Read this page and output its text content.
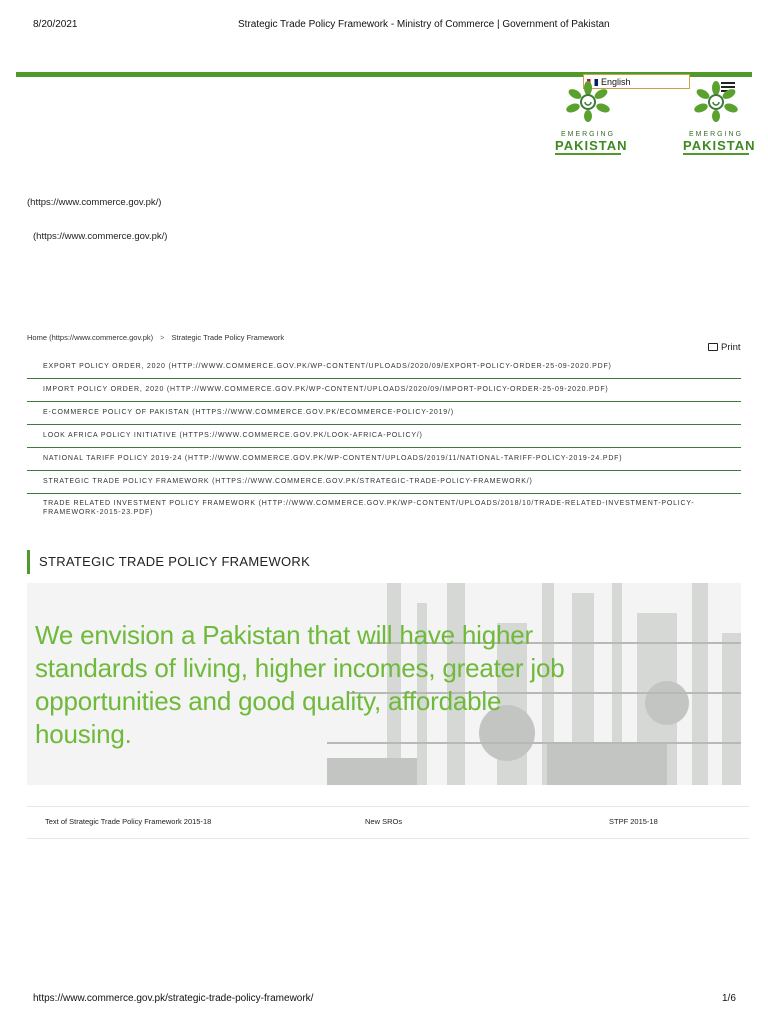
8/20/2021	Strategic Trade Policy Framework - Ministry of Commerce | Government of Pakistan
English
EMERGING
PAKISTAN
EMERGING
PAKISTAN
(https://www.commerce.gov.pk/)
(https://www.commerce.gov.pk/)
Home (https://www.commerce.gov.pk) > Strategic Trade Policy Framework
Print
EXPORT POLICY ORDER, 2020 (HTTP://WWW.COMMERCE.GOV.PK/WP-CONTENT/UPLOADS/2020/09/EXPORT-POLICY-ORDER-25-09-2020.PDF)
IMPORT POLICY ORDER, 2020 (HTTP://WWW.COMMERCE.GOV.PK/WP-CONTENT/UPLOADS/2020/09/IMPORT-POLICY-ORDER-25-09-2020.PDF)
E-COMMERCE POLICY OF PAKISTAN (HTTPS://WWW.COMMERCE.GOV.PK/ECOMMERCE-POLICY-2019/)
LOOK AFRICA POLICY INITIATIVE (HTTPS://WWW.COMMERCE.GOV.PK/LOOK-AFRICA-POLICY/)
NATIONAL TARIFF POLICY 2019-24 (HTTP://WWW.COMMERCE.GOV.PK/WP-CONTENT/UPLOADS/2019/11/NATIONAL-TARIFF-POLICY-2019-24.PDF)
STRATEGIC TRADE POLICY FRAMEWORK (HTTPS://WWW.COMMERCE.GOV.PK/STRATEGIC-TRADE-POLICY-FRAMEWORK/)
TRADE RELATED INVESTMENT POLICY FRAMEWORK (HTTP://WWW.COMMERCE.GOV.PK/WP-CONTENT/UPLOADS/2018/10/TRADE-RELATED-INVESTMENT-POLICY-FRAMEWORK-2015-23.PDF)
STRATEGIC TRADE POLICY FRAMEWORK
We envision a Pakistan that will have higher standards of living, higher incomes, greater job opportunities and good quality, affordable housing.
Text of Strategic Trade Policy Framework 2015-18	New SROs	STPF 2015-18
https://www.commerce.gov.pk/strategic-trade-policy-framework/	1/6
